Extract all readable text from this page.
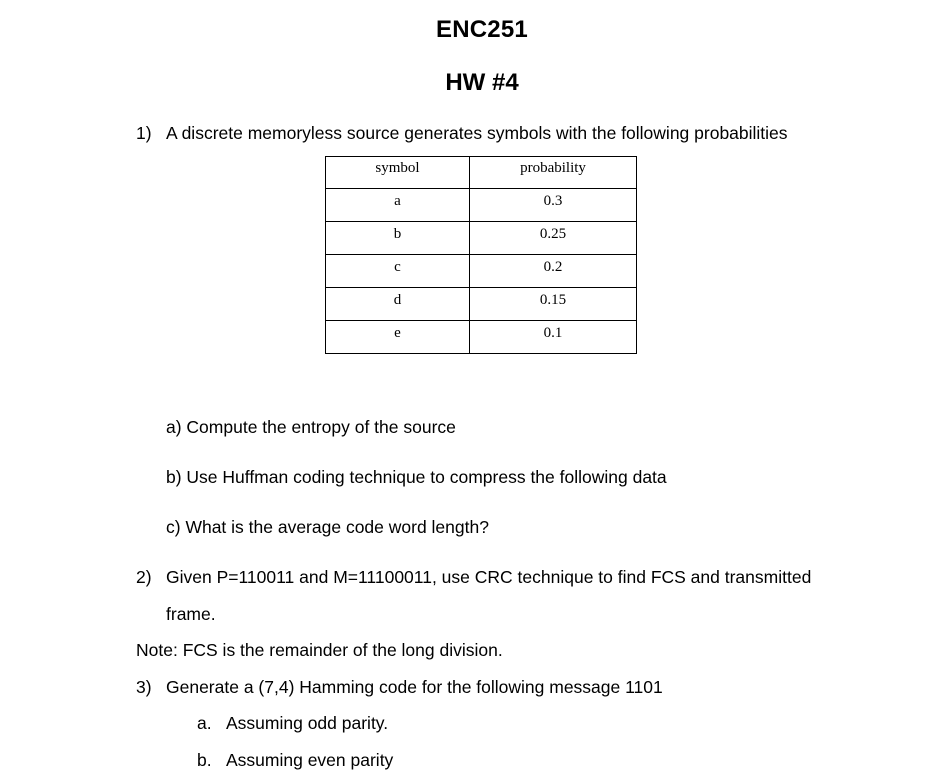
ENC251
HW #4
1) A discrete memoryless source generates symbols with the following probabilities
symbol	probability
a	0.3
b	0.25
c	0.2
d	0.15
e	0.1
a) Compute the entropy of the source
b) Use Huffman coding technique to compress the following data
c) What is the average code word length?
2) Given P=110011 and M=11100011, use CRC technique to find FCS and transmitted
frame.
Note: FCS is the remainder of the long division.
3) Generate a (7,4) Hamming code for the following message 1101
a. Assuming odd parity.
b. Assuming even parity
